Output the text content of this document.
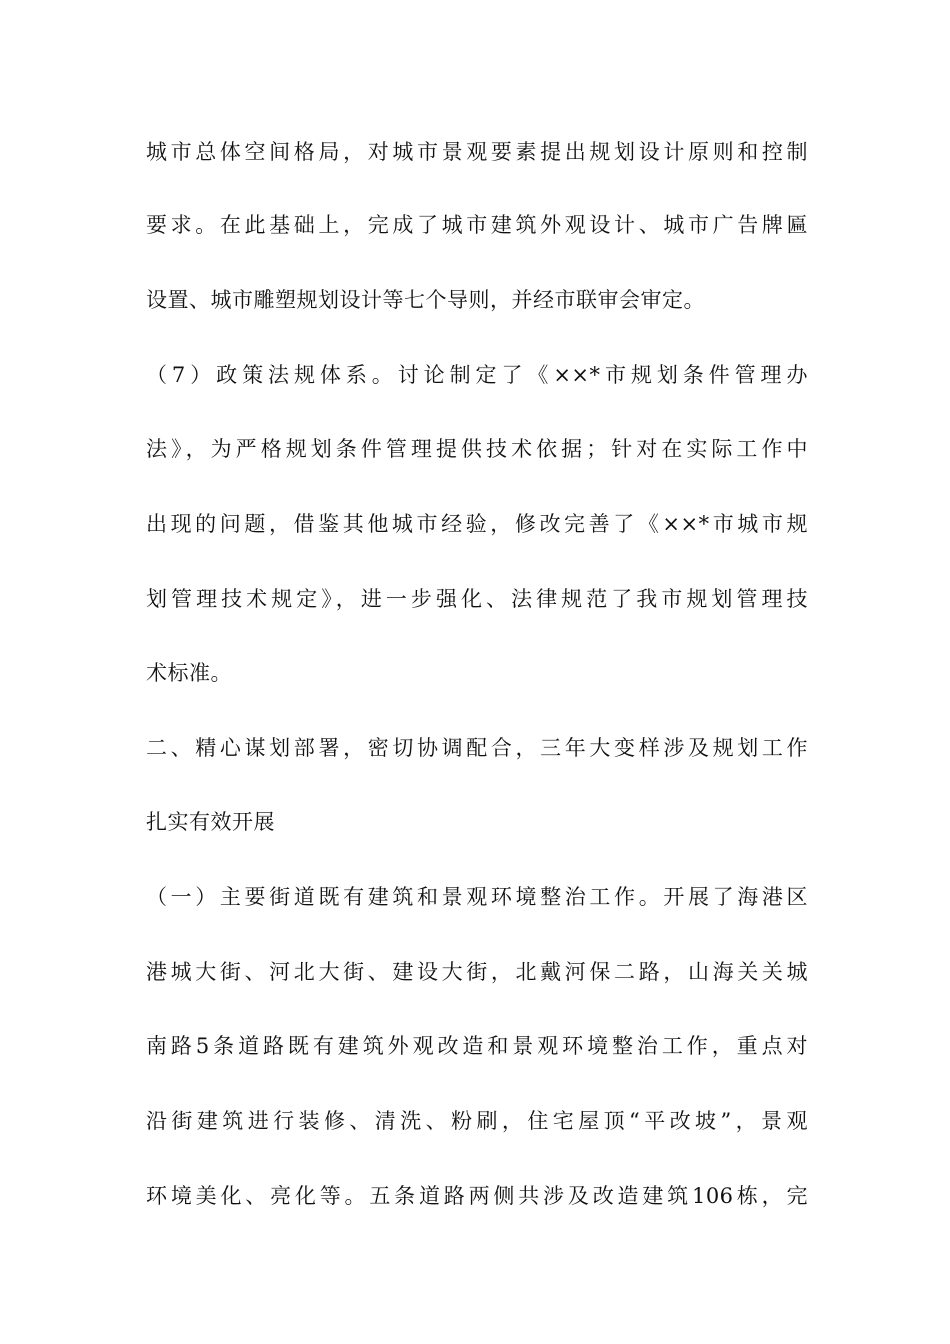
城市总体空间格局，对城市景观要素提出规划设计原则和控制
要求。在此基础上，完成了城市建筑外观设计、城市广告牌匾
设置、城市雕塑规划设计等七个导则，并经市联审会审定。
（7）政策法规体系。讨论制定了《××*市规划条件管理办
法》，为严格规划条件管理提供技术依据；针对在实际工作中
出现的问题，借鉴其他城市经验，修改完善了《××*市城市规
划管理技术规定》，进一步强化、法律规范了我市规划管理技
术标准。
二、精心谋划部署，密切协调配合，三年大变样涉及规划工作
扎实有效开展
（一）主要街道既有建筑和景观环境整治工作。开展了海港区
港城大街、河北大街、建设大街，北戴河保二路，山海关关城
南路5条道路既有建筑外观改造和景观环境整治工作，重点对
沿街建筑进行装修、清洗、粉刷，住宅屋顶“平改坡”，景观
环境美化、亮化等。五条道路两侧共涉及改造建筑106栋，完
